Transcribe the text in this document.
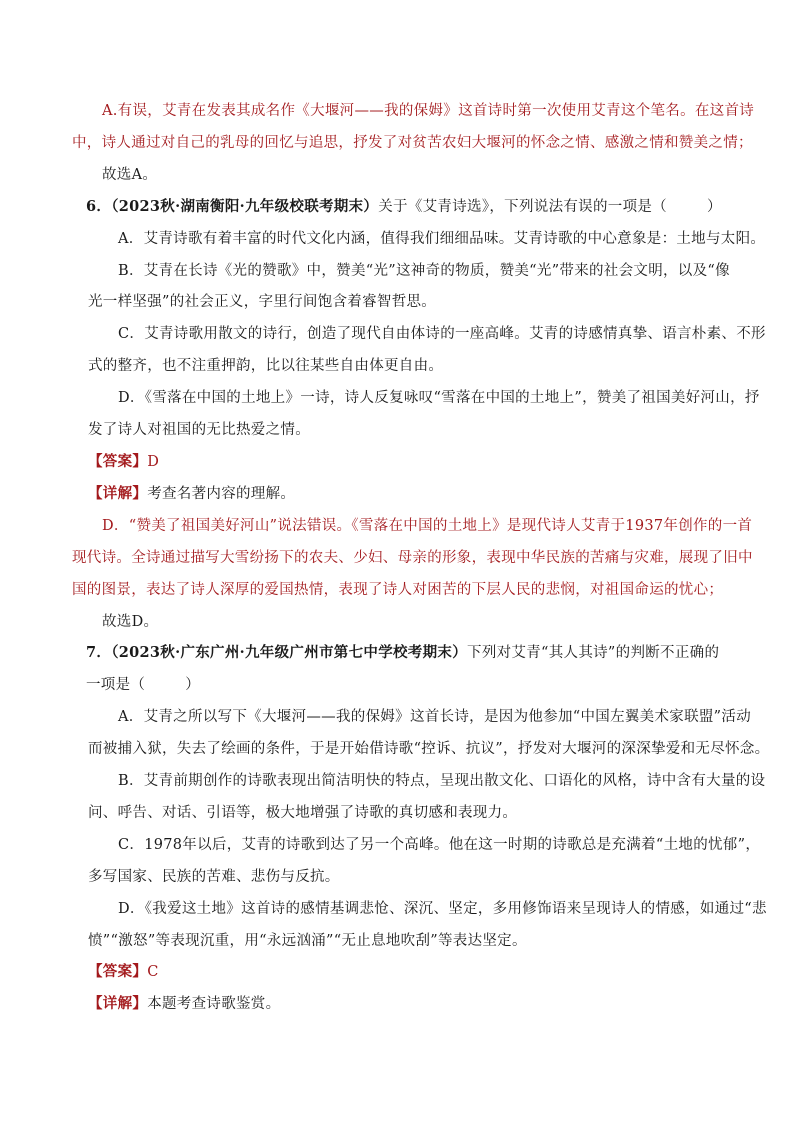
A.有误，艾青在发表其成名作《大堰河——我的保姆》这首诗时第一次使用艾青这个笔名。在这首诗
中，诗人通过对自己的乳母的回忆与追思，抒发了对贫苦农妇大堰河的怀念之情、感激之情和赞美之情；
故选A。
6．（2023秋·湖南衡阳·九年级校联考期末）关于《艾青诗选》，下列说法有误的一项是（	）
A．艾青诗歌有着丰富的时代文化内涵，值得我们细细品味。艾青诗歌的中心意象是：土地与太阳。
B．艾青在长诗《光的赞歌》中，赞美“光”这神奇的物质，赞美“光”带来的社会文明，以及“像
光一样坚强”的社会正义，字里行间饱含着睿智哲思。
C．艾青诗歌用散文的诗行，创造了现代自由体诗的一座高峰。艾青的诗感情真挚、语言朴素、不形
式的整齐，也不注重押韵，比以往某些自由体更自由。
D．《雪落在中国的土地上》一诗，诗人反复咏叹“雪落在中国的土地上”，赞美了祖国美好河山，抒
发了诗人对祖国的无比热爱之情。
【答案】D
【详解】考查名著内容的理解。
D．“赞美了祖国美好河山”说法错误。《雪落在中国的土地上》是现代诗人艾青于1937年创作的一首
现代诗。全诗通过描写大雪纷扬下的农夫、少妇、母亲的形象，表现中华民族的苦痛与灾难，展现了旧中
国的图景，表达了诗人深厚的爱国热情，表现了诗人对困苦的下层人民的悲悯，对祖国命运的忧心；
故选D。
7．（2023秋·广东广州·九年级广州市第七中学校考期末）下列对艾青“其人其诗”的判断不正确的
一项是（	）
A．艾青之所以写下《大堰河——我的保姆》这首长诗，是因为他参加“中国左翼美术家联盟”活动
而被捕入狱，失去了绘画的条件，于是开始借诗歌“控诉、抗议”，抒发对大堰河的深深挚爱和无尽怀念。
B．艾青前期创作的诗歌表现出简洁明快的特点，呈现出散文化、口语化的风格，诗中含有大量的设
问、呼告、对话、引语等，极大地增强了诗歌的真切感和表现力。
C．1978年以后，艾青的诗歌到达了另一个高峰。他在这一时期的诗歌总是充满着“土地的忧郁”，
多写国家、民族的苦难、悲伤与反抗。
D．《我爱这土地》这首诗的感情基调悲怆、深沉、坚定，多用修饰语来呈现诗人的情感，如通过“悲
愤”“激怒”等表现沉重，用“永远汹涌”“无止息地吹刮”等表达坚定。
【答案】C
【详解】本题考查诗歌鉴赏。
